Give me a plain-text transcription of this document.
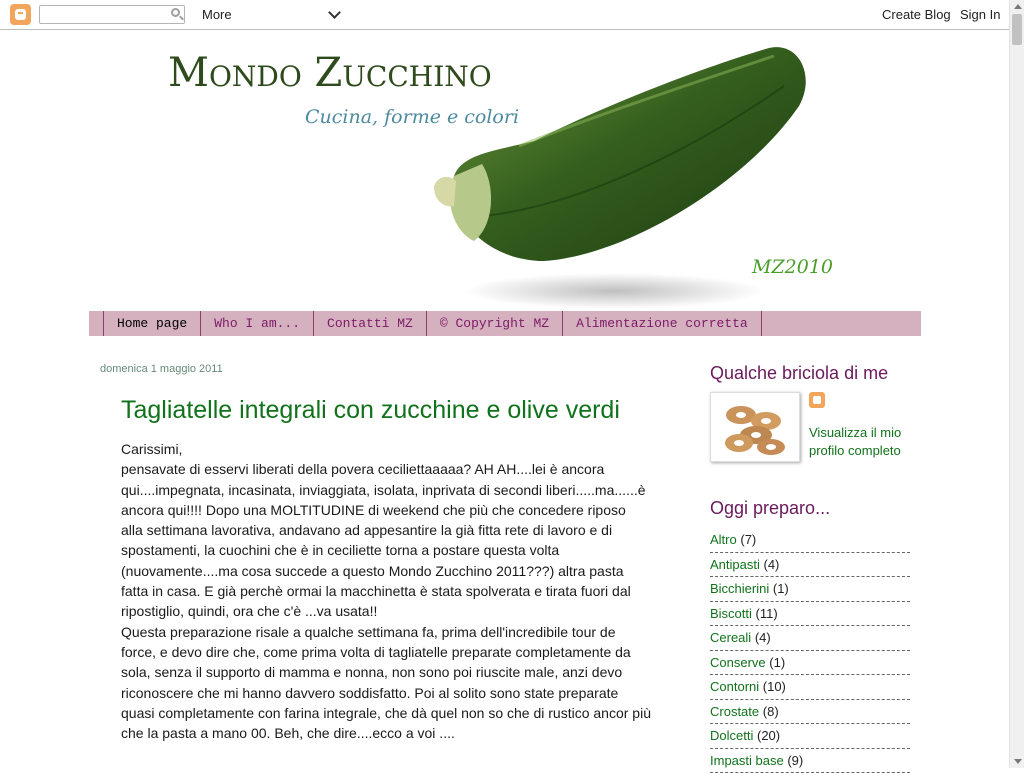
More	Create Blog Sign In
Mondo Zucchino
Cucina, forme e colori
MZ2010
Home page	Who I am...	Contatti MZ	© Copyright MZ	Alimentazione corretta
domenica 1 maggio 2011
Tagliatelle integrali con zucchine e olive verdi

Carissimi,

pensavate di esservi liberati della povera ceciliettaaaaa? AH AH....lei è ancora qui....impegnata, incasinata, inviaggiata, isolata, inprivata di secondi liberi.....ma......è ancora qui!!!! Dopo una MOLTITUDINE di weekend che più che concedere riposo alla settimana lavorativa, andavano ad appesantire la già fitta rete di lavoro e di spostamenti, la cuochini che è in ceciliette torna a postare questa volta (nuovamente....ma cosa succede a questo Mondo Zucchino 2011???) altra pasta fatta in casa. E già perchè ormai la macchinetta è stata spolverata e tirata fuori dal ripostiglio, quindi, ora che c'è ...va usata!!

Questa preparazione risale a qualche settimana fa, prima dell'incredibile tour de force, e devo dire che, come prima volta di tagliatelle preparate completamente da sola, senza il supporto di mamma e nonna, non sono poi riuscite male, anzi devo riconoscere che mi hanno davvero soddisfatto. Poi al solito sono state preparate quasi completamente con farina integrale, che dà quel non so che di rustico ancor più che la pasta a mano 00. Beh, che dire....ecco a voi ....

Qualche briciola di me
Visualizza il mio profilo completo
Oggi preparo...
Altro (7)
Antipasti (4)
Bicchierini (1)
Biscotti (11)
Cereali (4)
Conserve (1)
Contorni (10)
Crostate (8)
Dolcetti (20)
Impasti base (9)
